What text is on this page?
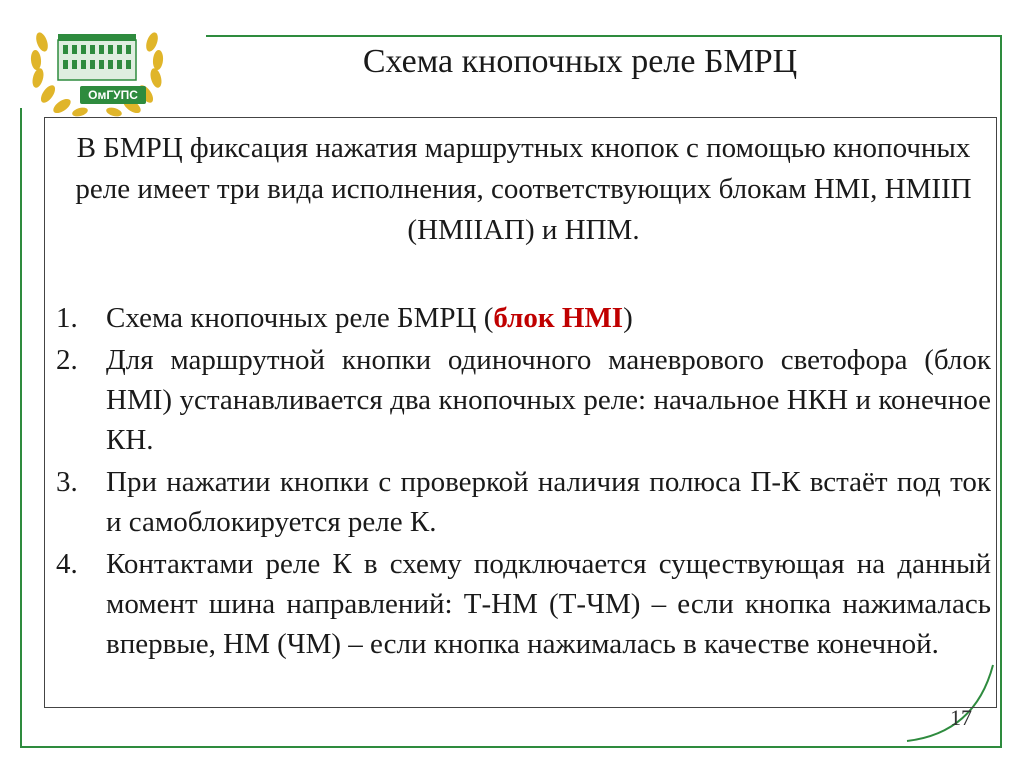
ОмГУПС
Схема кнопочных реле БМРЦ
В БМРЦ фиксация нажатия маршрутных кнопок с помощью кнопочных реле имеет три вида исполнения, соответствующих блокам НМI, НМIIП (НМIIАП) и НПМ.
1. Схема кнопочных реле БМРЦ (блок НМI)
2. Для маршрутной кнопки одиночного маневрового светофора (блок НМI) устанавливается два кнопочных реле: начальное НКН и конечное КН.
3. При нажатии кнопки с проверкой наличия полюса П-К встаёт под ток и самоблокируется реле К.
4. Контактами реле К в схему подключается существующая на данный момент шина направлений: Т-НМ (Т-ЧМ) – если кнопка нажималась впервые, НМ (ЧМ) – если кнопка нажималась в качестве конечной.
17
